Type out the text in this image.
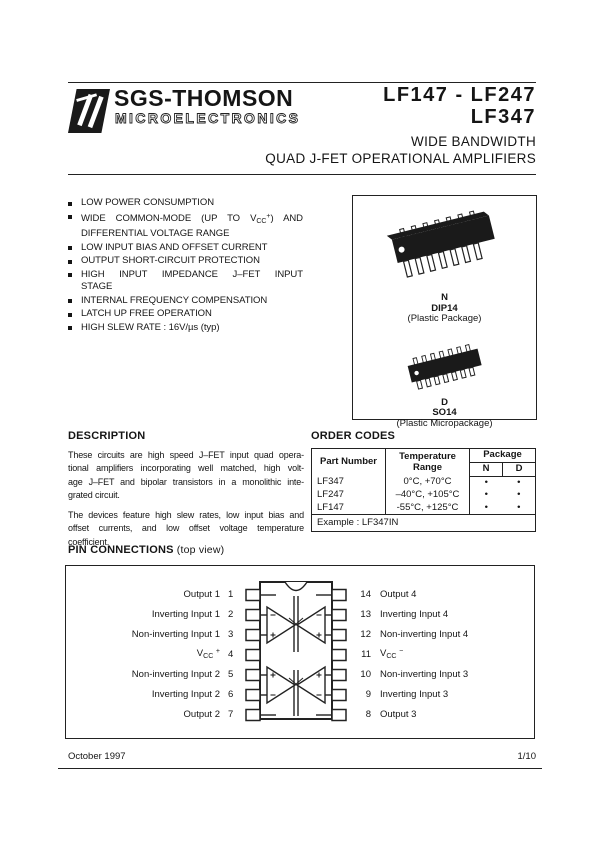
SGS-THOMSON
MICROELECTRONICS
LF147 - LF247
LF347
WIDE BANDWIDTH
QUAD J-FET OPERATIONAL AMPLIFIERS
LOW POWER CONSUMPTION
WIDE COMMON-MODE (UP TO $V_{CC}^+$) AND
DIFFERENTIAL VOLTAGE RANGE
LOW INPUT BIAS AND OFFSET CURRENT
OUTPUT SHORT-CIRCUIT PROTECTION
HIGH INPUT IMPEDANCE J–FET INPUT
STAGE
INTERNAL FREQUENCY COMPENSATION
LATCH UP FREE OPERATION
HIGH SLEW RATE : 16V/µs (typ)
N
DIP14
(Plastic Package)
D
SO14
(Plastic Micropackage)
DESCRIPTION
These circuits are high speed J–FET input quad opera-
tional amplifiers incorporating well matched, high volt-
age J–FET and bipolar transistors in a monolithic inte-
grated circuit.
The devices feature high slew rates, low input bias and
offset currents, and low offset voltage temperature
coefficient.
ORDER CODES
Part Number	Temperature Range	Package	
		N	D
LF347	0°C, +70°C	•	•
LF247	–40°C, +105°C	•	•
LF147	-55°C, +125°C	•	•
Example : LF347IN			
PIN CONNECTIONS (top view)
Output 1 1
Inverting Input 1 2
Non-inverting Input 1 3
$V_{CC}$ + 4
Non-inverting Input 2 5
Inverting Input 2 6
Output 2 7
14 Output 4
13 Inverting Input 4
12 Non-inverting Input 4
11 $V_{CC}$ −
10 Non-inverting Input 3
9 Inverting Input 3
8 Output 3
October 1997	1/10
